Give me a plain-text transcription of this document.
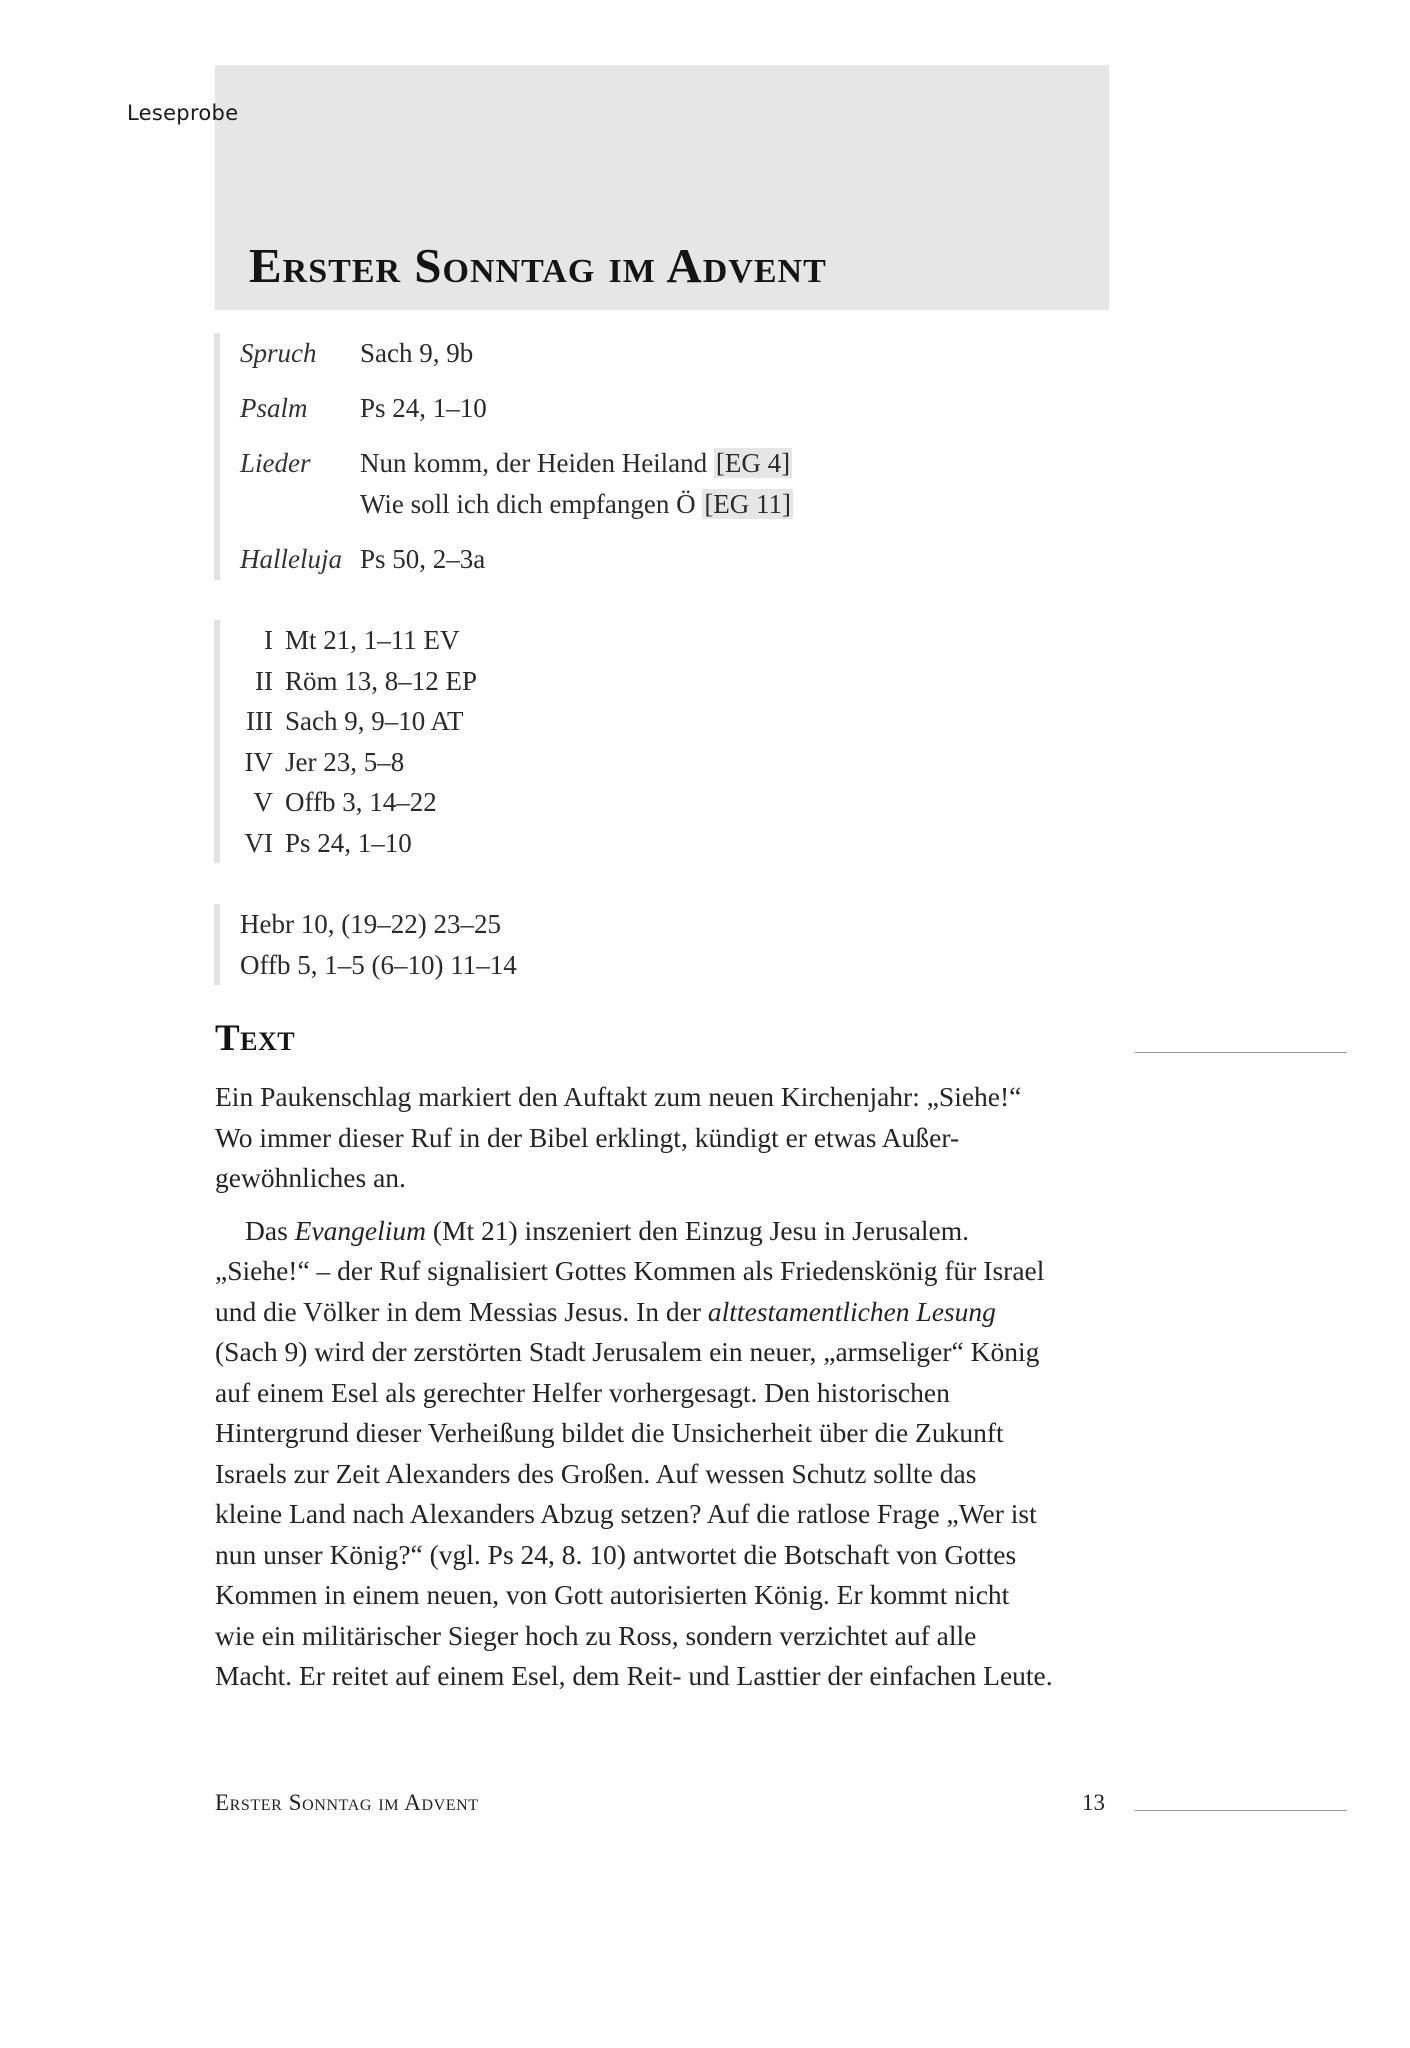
Leseprobe
Erster Sonntag im Advent
Spruch	Sach 9, 9b
Psalm	Ps 24, 1–10
Lieder	Nun komm, der Heiden Heiland [EG 4]
Wie soll ich dich empfangen Ö [EG 11]
Halleluja Ps 50, 2–3a
I Mt 21, 1–11 EV
II Röm 13, 8–12 EP
III Sach 9, 9–10 AT
IV Jer 23, 5–8
V Offb 3, 14–22
VI Ps 24, 1–10
Hebr 10, (19–22) 23–25
Offb 5, 1–5 (6–10) 11–14
Text

Ein Paukenschlag markiert den Auftakt zum neuen Kirchenjahr: „Siehe!“
Wo immer dieser Ruf in der Bibel erklingt, kündigt er etwas Außer-
gewöhnliches an.

Das Evangelium (Mt 21) inszeniert den Einzug Jesu in Jerusalem.
„Siehe!“ – der Ruf signalisiert Gottes Kommen als Friedenskönig für Israel
und die Völker in dem Messias Jesus. In der alttestamentlichen Lesung
(Sach 9) wird der zerstörten Stadt Jerusalem ein neuer, „armseliger“ König
auf einem Esel als gerechter Helfer vorhergesagt. Den historischen
Hintergrund dieser Verheißung bildet die Unsicherheit über die Zukunft
Israels zur Zeit Alexanders des Großen. Auf wessen Schutz sollte das
kleine Land nach Alexanders Abzug setzen? Auf die ratlose Frage „Wer ist
nun unser König?“ (vgl. Ps 24, 8. 10) antwortet die Botschaft von Gottes
Kommen in einem neuen, von Gott autorisierten König. Er kommt nicht
wie ein militärischer Sieger hoch zu Ross, sondern verzichtet auf alle
Macht. Er reitet auf einem Esel, dem Reit- und Lasttier der einfachen Leute.

Erster Sonntag im Advent	13
